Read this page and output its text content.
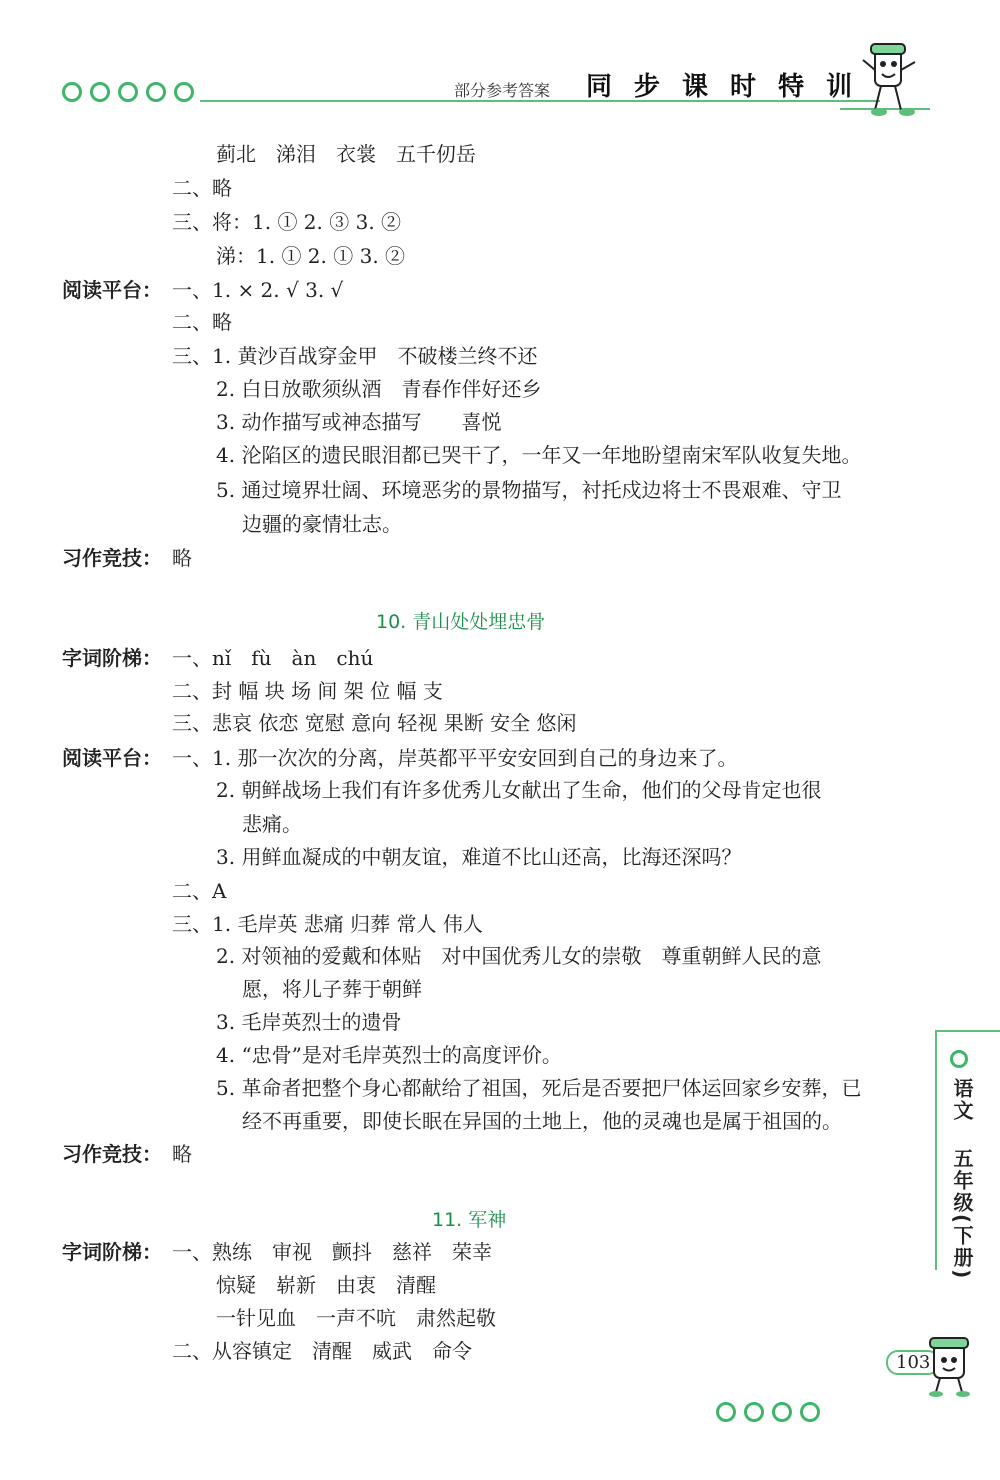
部分参考答案 同 步 课 时 特 训
蓟北　涕泪　衣裳　五千仞岳
二、略
三、将：1. ① 2. ③ 3. ②
涕：1. ① 2. ① 3. ②
阅读平台： 一、1. × 2. √ 3. √
二、略
三、1. 黄沙百战穿金甲　不破楼兰终不还
2. 白日放歌须纵酒　青春作伴好还乡
3. 动作描写或神态描写　　喜悦
4. 沦陷区的遗民眼泪都已哭干了，一年又一年地盼望南宋军队收复失地。
5. 通过境界壮阔、环境恶劣的景物描写，衬托戍边将士不畏艰难、守卫
边疆的豪情壮志。
习作竞技： 略
10. 青山处处埋忠骨
字词阶梯： 一、nǐ　fù　àn　chú
二、封 幅 块 场 间 架 位 幅 支
三、悲哀 依恋 宽慰 意向 轻视 果断 安全 悠闲
阅读平台： 一、1. 那一次次的分离，岸英都平平安安回到自己的身边来了。
2. 朝鲜战场上我们有许多优秀儿女献出了生命，他们的父母肯定也很
悲痛。
3. 用鲜血凝成的中朝友谊，难道不比山还高，比海还深吗？
二、A
三、1. 毛岸英 悲痛 归葬 常人 伟人
2. 对领袖的爱戴和体贴　对中国优秀儿女的崇敬　尊重朝鲜人民的意
愿，将儿子葬于朝鲜
3. 毛岸英烈士的遗骨
4. “忠骨”是对毛岸英烈士的高度评价。
5. 革命者把整个身心都献给了祖国，死后是否要把尸体运回家乡安葬，已
经不再重要，即使长眠在异国的土地上，他的灵魂也是属于祖国的。
习作竞技： 略
11. 军神
字词阶梯： 一、熟练　审视　颤抖　慈祥　荣幸
惊疑　崭新　由衷　清醒
一针见血　一声不吭　肃然起敬
二、从容镇定　清醒　威武　命令
语文五年级(下册)
103
